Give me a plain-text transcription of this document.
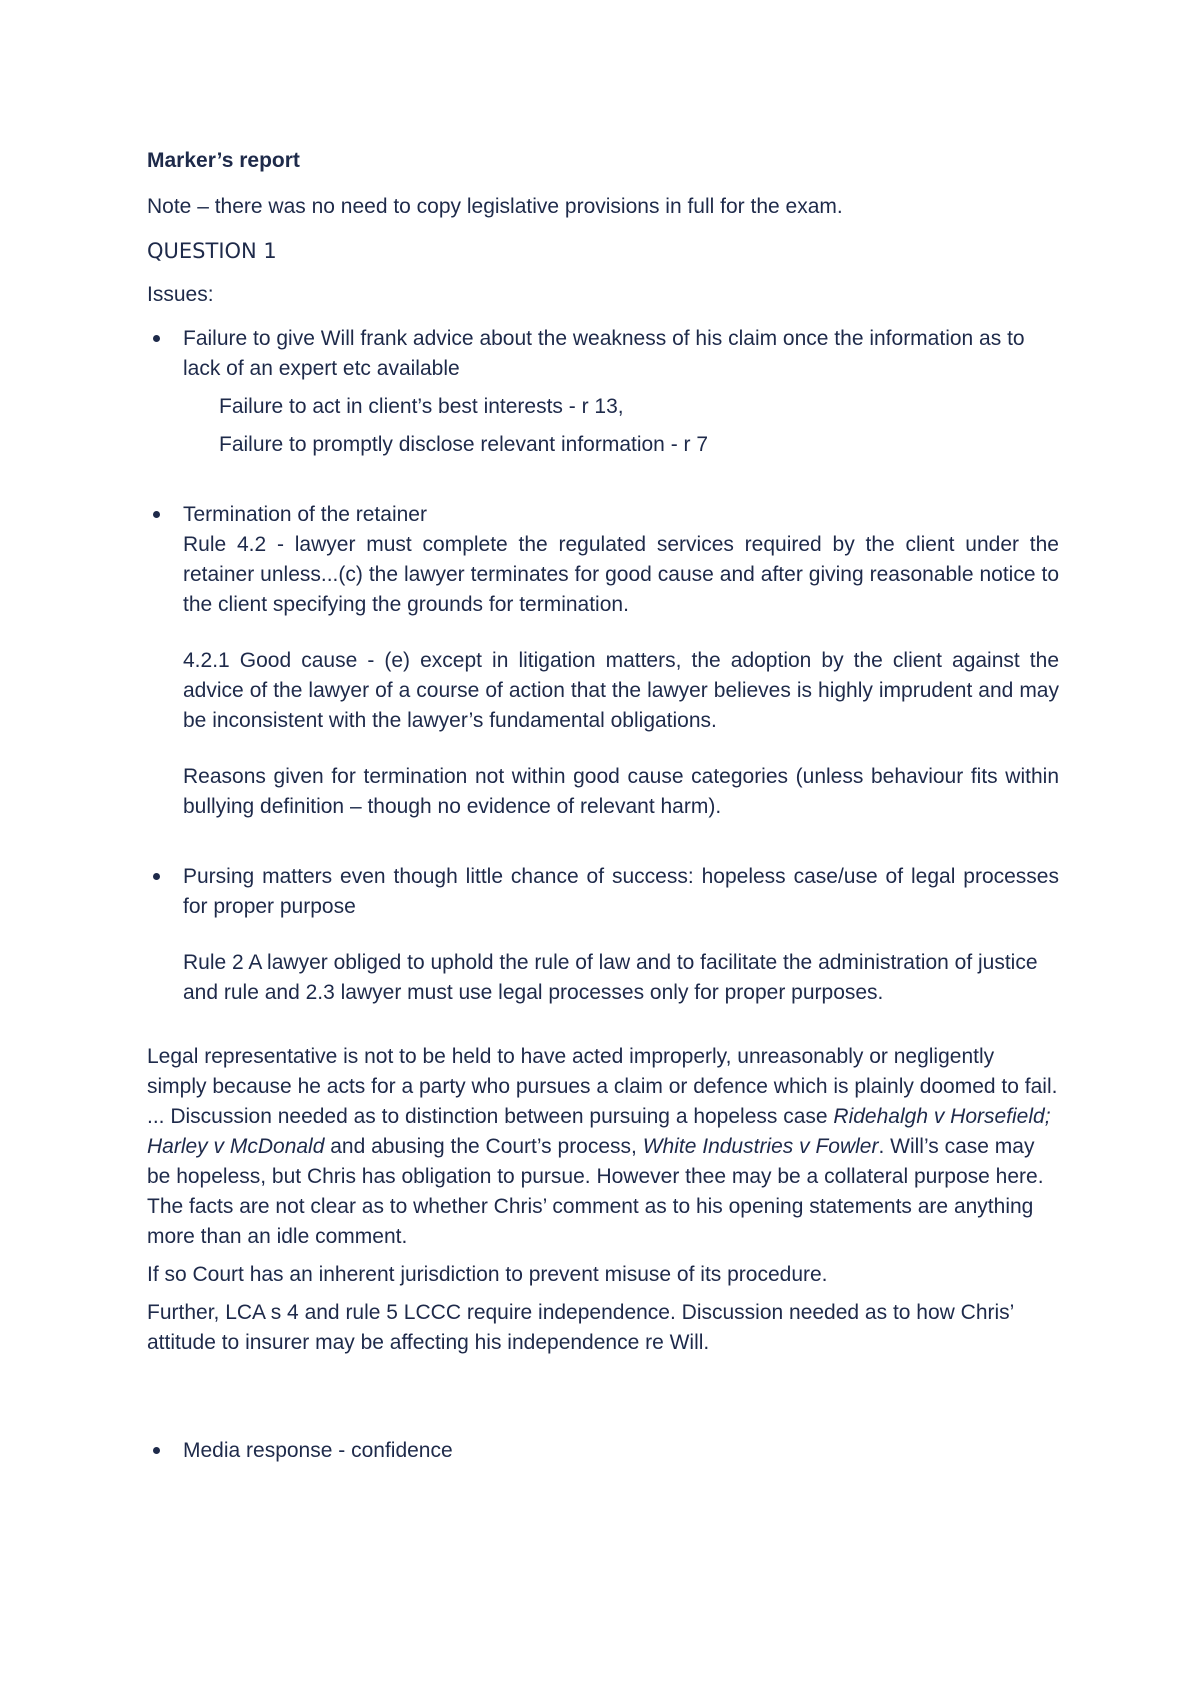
Marker’s report

Note – there was no need to copy legislative provisions in full for the exam.

QUESTION 1

Issues:

Failure to give Will frank advice about the weakness of his claim once the information as to lack of an expert etc available

Failure to act in client’s best interests - r 13,

Failure to promptly disclose relevant information - r 7

Termination of the retainer

Rule 4.2 - lawyer must complete the regulated services required by the client under the retainer unless...(c) the lawyer terminates for good cause and after giving reasonable notice to the client specifying the grounds for termination.

4.2.1 Good cause - (e) except in litigation matters, the adoption by the client against the advice of the lawyer of a course of action that the lawyer believes is highly imprudent and may be inconsistent with the lawyer’s fundamental obligations.

Reasons given for termination not within good cause categories (unless behaviour fits within bullying definition – though no evidence of relevant harm).

Pursing matters even though little chance of success: hopeless case/use of legal processes for proper purpose

Rule 2 A lawyer obliged to uphold the rule of law and to facilitate the administration of justice and rule and 2.3 lawyer must use legal processes only for proper purposes.

Legal representative is not to be held to have acted improperly, unreasonably or negligently simply because he acts for a party who pursues a claim or defence which is plainly doomed to fail. ... Discussion needed as to distinction between pursuing a hopeless case Ridehalgh v Horsefield; Harley v McDonald and abusing the Court’s process, White Industries v Fowler. Will’s case may be hopeless, but Chris has obligation to pursue. However thee may be a collateral purpose here. The facts are not clear as to whether Chris’ comment as to his opening statements are anything more than an idle comment.

If so Court has an inherent jurisdiction to prevent misuse of its procedure.

Further, LCA s 4 and rule 5 LCCC require independence. Discussion needed as to how Chris’ attitude to insurer may be affecting his independence re Will.

Media response - confidence
